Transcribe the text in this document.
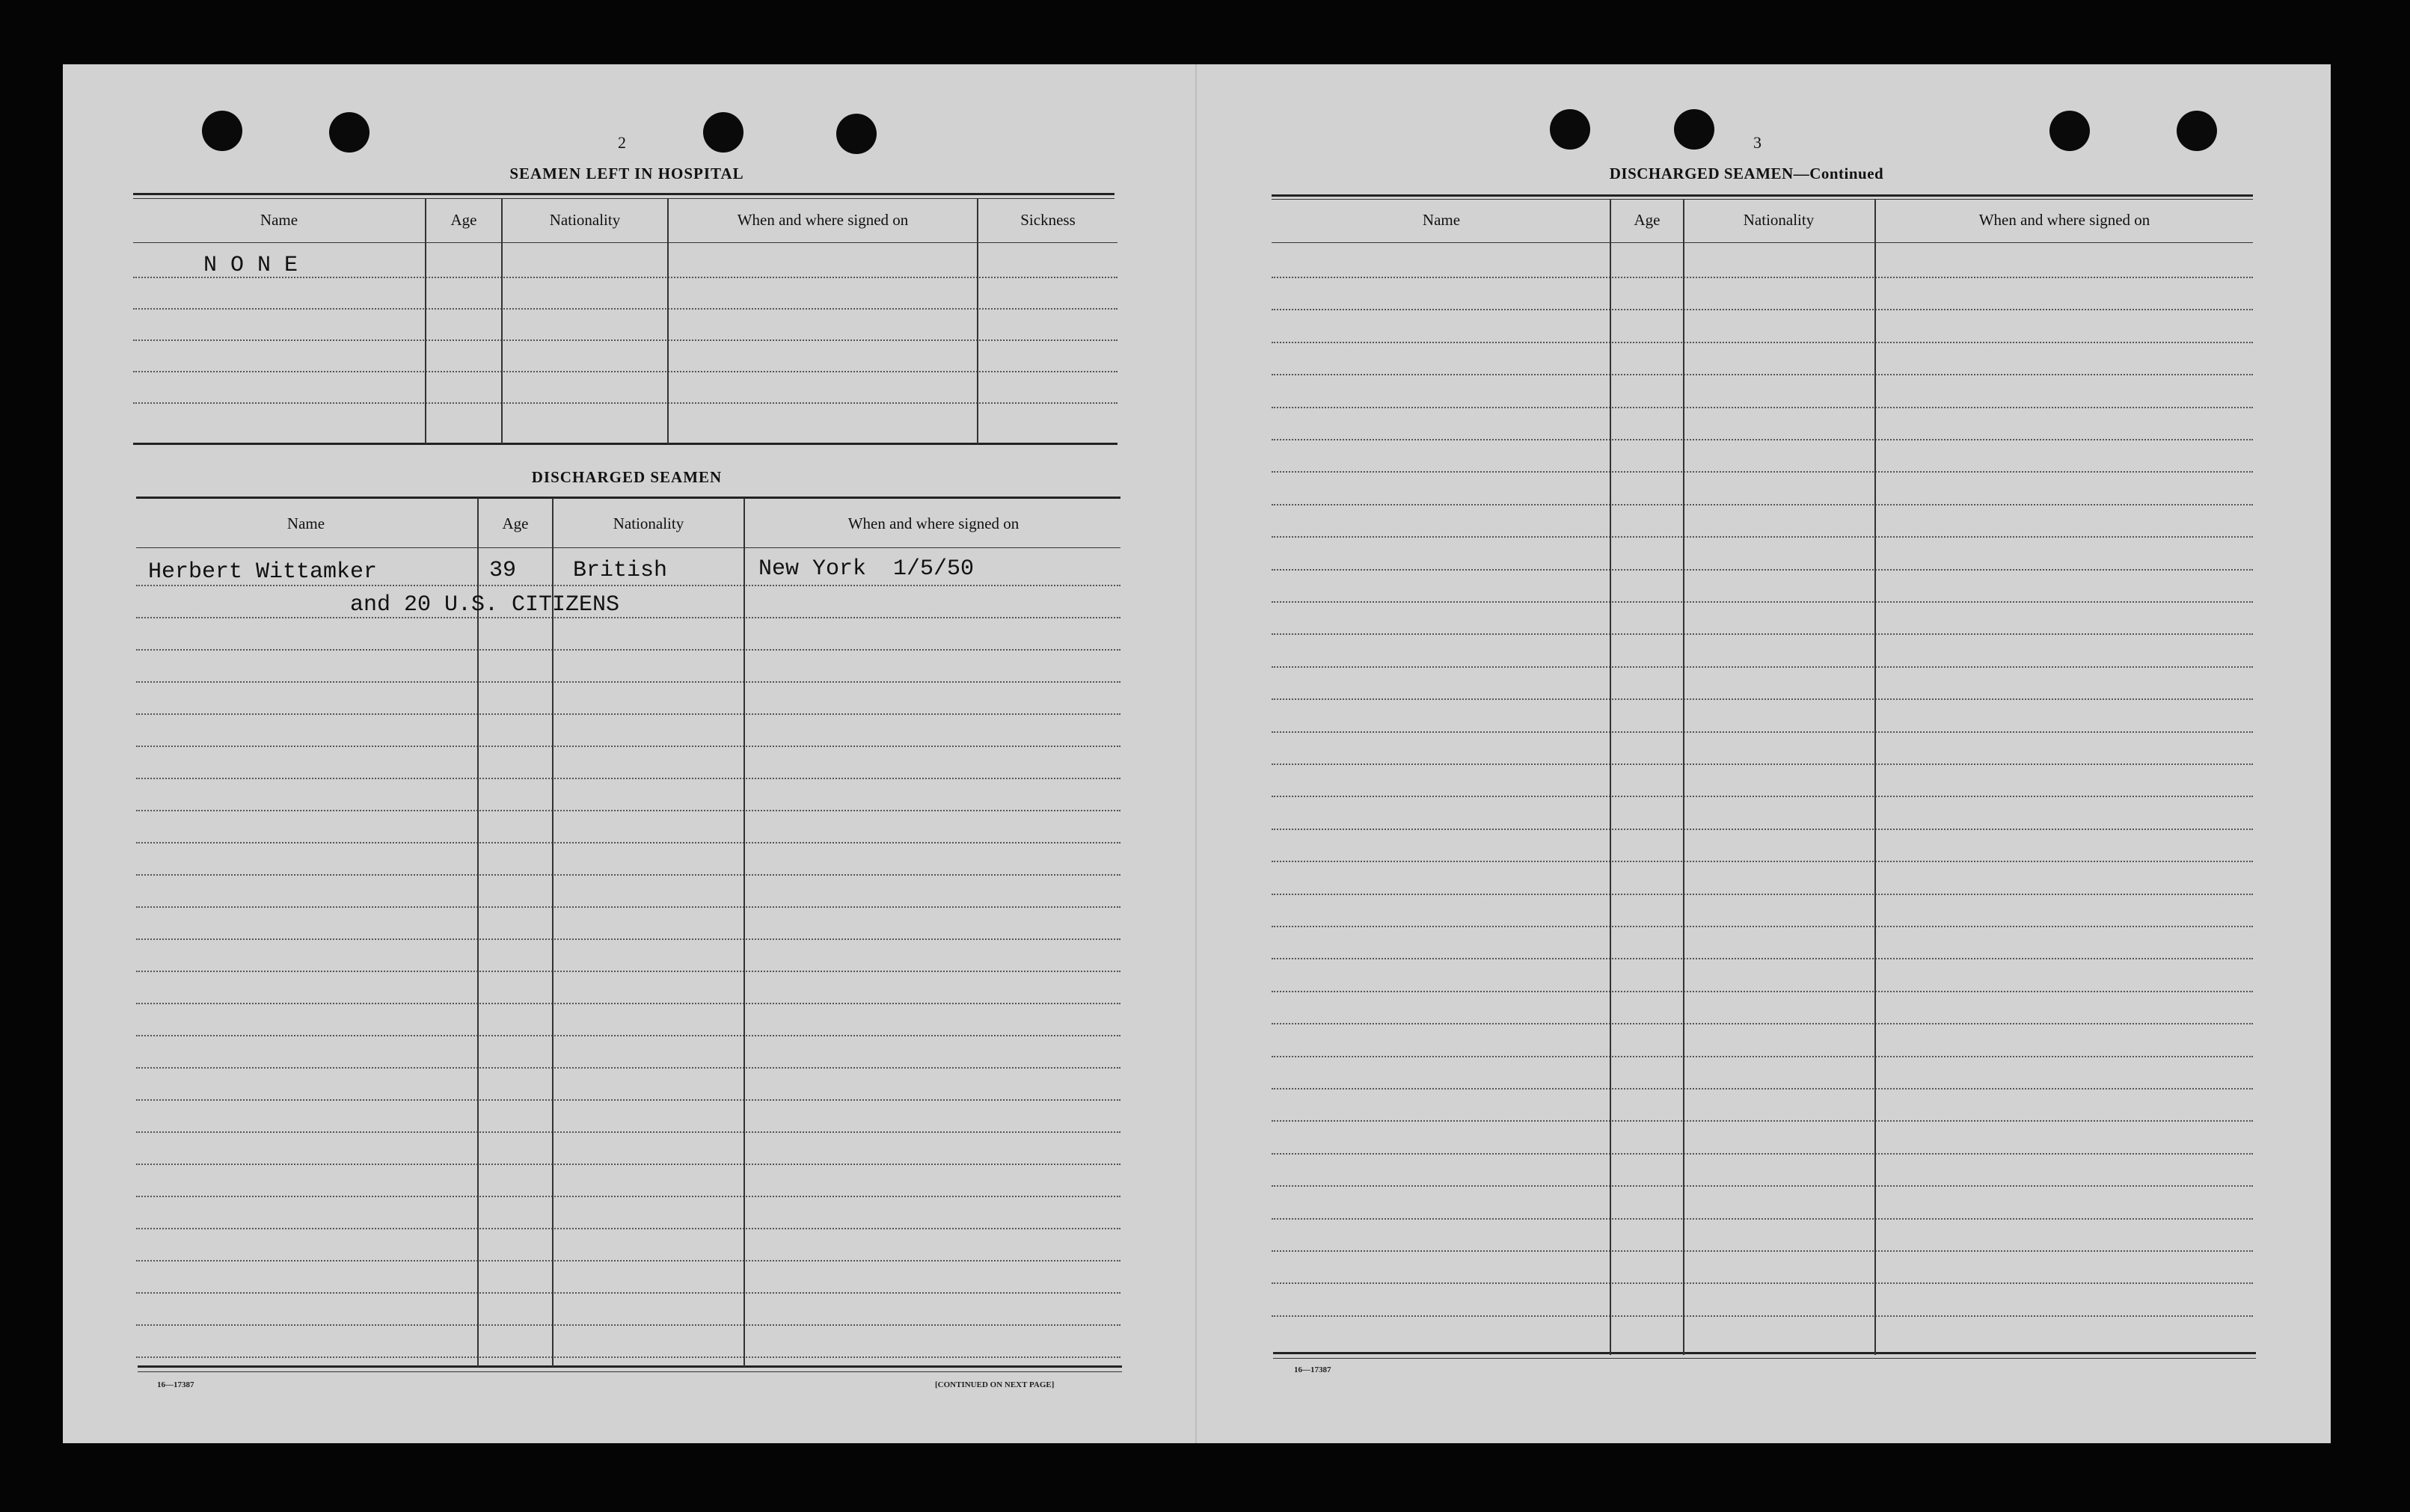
2
SEAMEN LEFT IN HOSPITAL
Name	Age	Nationality	When and where signed on	Sickness
N O N E
DISCHARGED SEAMEN
Name	Age	Nationality	When and where signed on
Herbert Wittamker	39	British	New York  1/5/50
and 20 U.S. CITIZENS
16—17387	[CONTINUED ON NEXT PAGE]
3
DISCHARGED SEAMEN—Continued
Name	Age	Nationality	When and where signed on
16—17387
